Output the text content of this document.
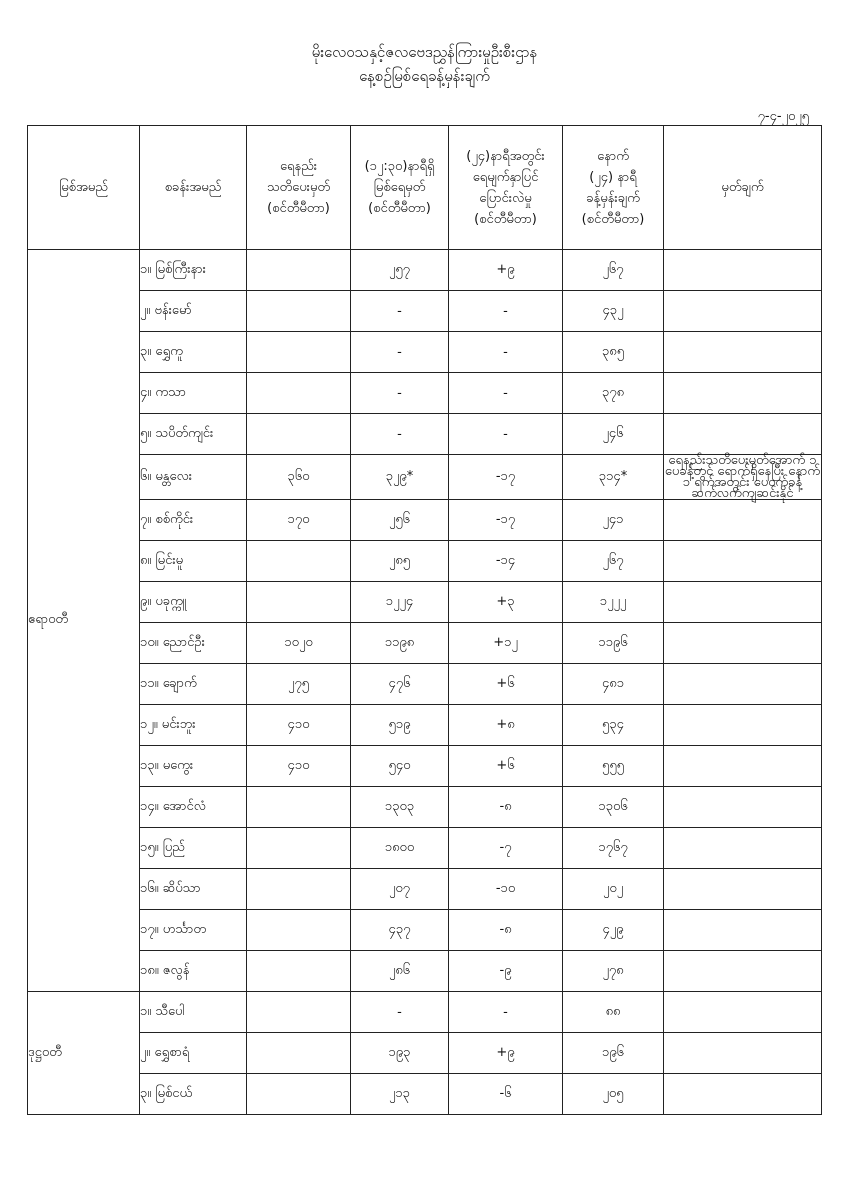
မိုးလေဝသနှင့်ဇလဗေဒညွှန်ကြားမှုဦးစီးဌာန
နေ့စဉ်မြစ်ရေခန့်မှန်းချက်
၇-၄-၂၀၂၅
မြစ်အမည်	စခန်းအမည်	ရေနည်း
သတိပေးမှတ်
(စင်တီမီတာ)	(၁၂:၃၀)နာရီရှိ
မြစ်ရေမှတ်
(စင်တီမီတာ)	(၂၄)နာရီအတွင်း
ရေမျက်နှာပြင်
ပြောင်းလဲမှု
(စင်တီမီတာ)	နောက်
(၂၄) နာရီ
ခန့်မှန်းချက်
(စင်တီမီတာ)	မှတ်ချက်

ဧရာဝတီ	၁။ မြစ်ကြီးနား		၂၅၇	+၉	၂၆၇	
	၂။ ဗန်းမော်		-	-	၄၃၂	
	၃။ ရွှေကူ		-	-	၃၈၅	
	၄။ ကသာ		-	-	၃၇၈	
	၅။ သပိတ်ကျင်း		-	-	၂၄၆	
	၆။ မန္တလေး	၃၆၀	၃၂၉*	-၁၇	၃၁၄*	ရေနည်းသတိပေးမှတ်အောက် ၁ ပေခန့်တွင် ရောက်ရှိနေပြီး နောက် ၁ ရက်အတွင်း ပေ၀က်ခန့် ဆက်လက်ကျဆင်းနိုင်
	၇။ စစ်ကိုင်း	၁၇၀	၂၅၆	-၁၇	၂၄၁	
	၈။ မြင်းမူ		၂၈၅	-၁၄	၂၆၇	
	၉။ ပခုက္ကူ		၁၂၂၄	+၃	၁၂၂၂	
	၁၀။ ညောင်ဦး	၁၀၂၀	၁၁၉၈	+၁၂	၁၁၉၆	
	၁၁။ ချောက်	၂၇၅	၄၇၆	+၆	၄၈၁	
	၁၂။ မင်းဘူး	၄၁၀	၅၁၉	+၈	၅၃၄	
	၁၃။ မကွေး	၄၁၀	၅၄၀	+၆	၅၅၅	
	၁၄။ အောင်လံ		၁၃၀၃	-၈	၁၃၀၆	
	၁၅။ ပြည်		၁၈၀၀	-၇	၁၇၆၇	
	၁၆။ ဆိပ်သာ		၂၀၇	-၁၀	၂၀၂	
	၁၇။ ဟင်္သာတ		၄၃၇	-၈	၄၂၉	
	၁၈။ ဇလွန်		၂၈၆	-၉	၂၇၈	
ဒုဋ္ဌဝတီ	၁။ သီပေါ		-	-	၈၈	
	၂။ ရွှေစာရံ		၁၉၃	+၉	၁၉၆	
	၃။ မြစ်ငယ်		၂၁၃	-၆	၂၀၅	
